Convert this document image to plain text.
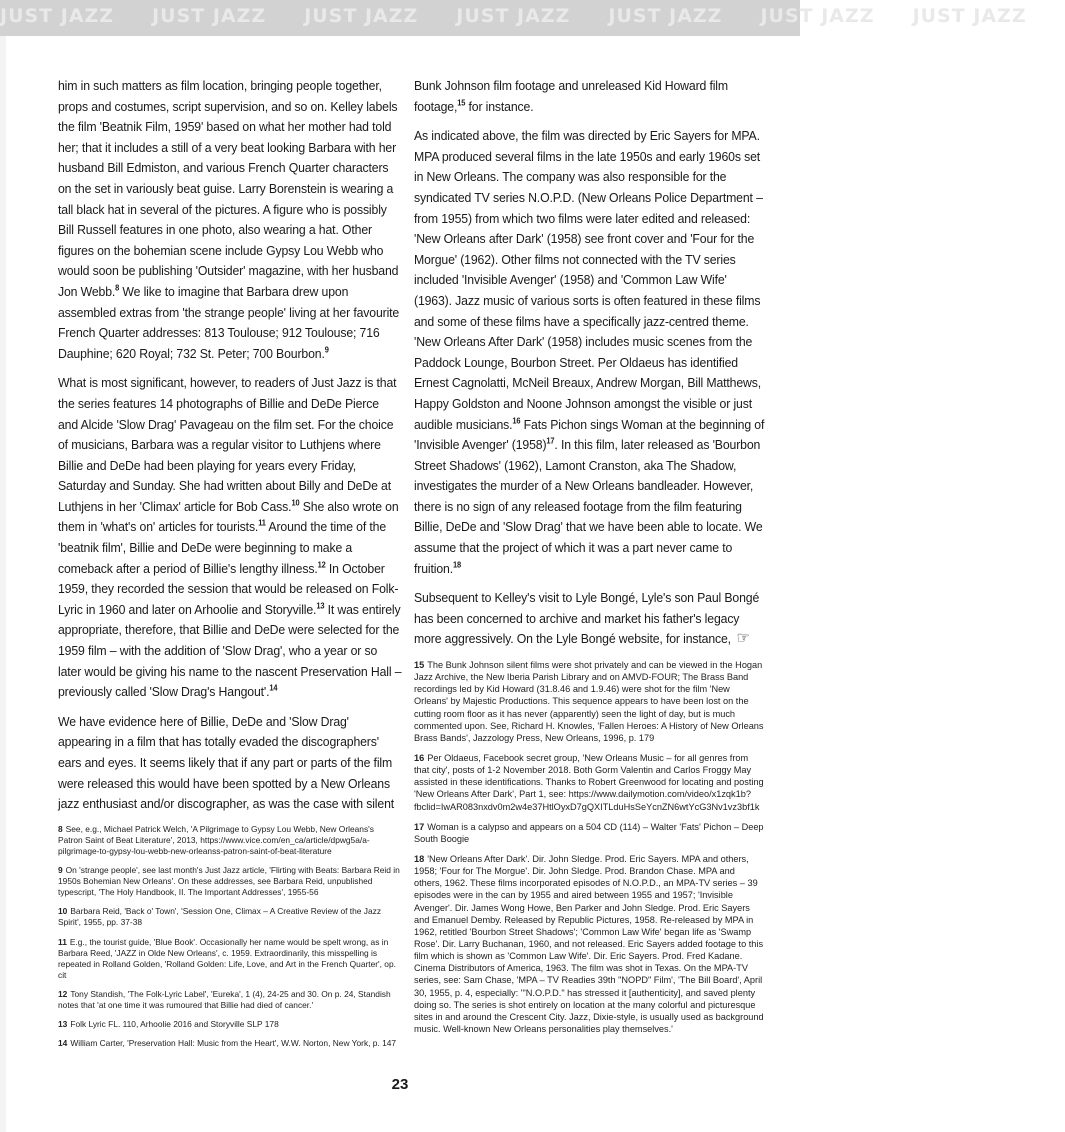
JUST JAZZ JUST JAZZ JUST JAZZ JUST JAZZ JUST JAZZ JUST JAZZ JUST JAZZ

him in such matters as film location, bringing people together, props and costumes, script supervision, and so on. Kelley labels the film 'Beatnik Film, 1959' based on what her mother had told her; that it includes a still of a very beat looking Barbara with her husband Bill Edmiston, and various French Quarter characters on the set in variously beat guise. Larry Borenstein is wearing a tall black hat in several of the pictures. A figure who is possibly Bill Russell features in one photo, also wearing a hat. Other figures on the bohemian scene include Gypsy Lou Webb who would soon be publishing 'Outsider' magazine, with her husband Jon Webb.$^8$ We like to imagine that Barbara drew upon assembled extras from 'the strange people' living at her favourite French Quarter addresses: 813 Toulouse; 912 Toulouse; 716 Dauphine; 620 Royal; 732 St. Peter; 700 Bourbon.$^9$

What is most significant, however, to readers of Just Jazz is that the series features 14 photographs of Billie and DeDe Pierce and Alcide 'Slow Drag' Pavageau on the film set. For the choice of musicians, Barbara was a regular visitor to Luthjens where Billie and DeDe had been playing for years every Friday, Saturday and Sunday. She had written about Billy and DeDe at Luthjens in her 'Climax' article for Bob Cass.$^{10}$ She also wrote on them in 'what's on' articles for tourists.$^{11}$ Around the time of the 'beatnik film', Billie and DeDe were beginning to make a comeback after a period of Billie's lengthy illness.$^{12}$ In October 1959, they recorded the session that would be released on Folk-Lyric in 1960 and later on Arhoolie and Storyville.$^{13}$ It was entirely appropriate, therefore, that Billie and DeDe were selected for the 1959 film – with the addition of 'Slow Drag', who a year or so later would be giving his name to the nascent Preservation Hall – previously called 'Slow Drag's Hangout'.$^{14}$

We have evidence here of Billie, DeDe and 'Slow Drag' appearing in a film that has totally evaded the discographers' ears and eyes. It seems likely that if any part or parts of the film were released this would have been spotted by a New Orleans jazz enthusiast and/or discographer, as was the case with silent

8 See, e.g., Michael Patrick Welch, 'A Pilgrimage to Gypsy Lou Webb, New Orleans's Patron Saint of Beat Literature', 2013, https://www.vice.com/en_ca/article/dpwg5a/a-pilgrimage-to-gypsy-lou-webb-new-orleanss-patron-saint-of-beat-literature
9 On 'strange people', see last month's Just Jazz article, 'Flirting with Beats: Barbara Reid in 1950s Bohemian New Orleans'. On these addresses, see Barbara Reid, unpublished typescript, 'The Holy Handbook, II. The Important Addresses', 1955-56
10 Barbara Reid, 'Back o' Town', 'Session One, Climax – A Creative Review of the Jazz Spirit', 1955, pp. 37-38
11 E.g., the tourist guide, 'Blue Book'. Occasionally her name would be spelt wrong, as in Barbara Reed, 'JAZZ in Olde New Orleans', c. 1959. Extraordinarily, this misspelling is repeated in Rolland Golden, 'Rolland Golden: Life, Love, and Art in the French Quarter', op. cit
12 Tony Standish, 'The Folk-Lyric Label', 'Eureka', 1 (4), 24-25 and 30. On p. 24, Standish notes that 'at one time it was rumoured that Billie had died of cancer.'
13 Folk Lyric FL. 110, Arhoolie 2016 and Storyville SLP 178
14 William Carter, 'Preservation Hall: Music from the Heart', W.W. Norton, New York, p. 147

Bunk Johnson film footage and unreleased Kid Howard film footage,$^{15}$ for instance.

As indicated above, the film was directed by Eric Sayers for MPA. MPA produced several films in the late 1950s and early 1960s set in New Orleans. The company was also responsible for the syndicated TV series N.O.P.D. (New Orleans Police Department – from 1955) from which two films were later edited and released: 'New Orleans after Dark' (1958) see front cover and 'Four for the Morgue' (1962). Other films not connected with the TV series included 'Invisible Avenger' (1958) and 'Common Law Wife' (1963). Jazz music of various sorts is often featured in these films and some of these films have a specifically jazz-centred theme. 'New Orleans After Dark' (1958) includes music scenes from the Paddock Lounge, Bourbon Street. Per Oldaeus has identified Ernest Cagnolatti, McNeil Breaux, Andrew Morgan, Bill Matthews, Happy Goldston and Noone Johnson amongst the visible or just audible musicians.$^{16}$ Fats Pichon sings Woman at the beginning of 'Invisible Avenger' $(1958)^{17}$. In this film, later released as 'Bourbon Street Shadows' (1962), Lamont Cranston, aka The Shadow, investigates the murder of a New Orleans bandleader. However, there is no sign of any released footage from the film featuring Billie, DeDe and 'Slow Drag' that we have been able to locate. We assume that the project of which it was a part never came to fruition.$^{18}$

Subsequent to Kelley's visit to Lyle Bongé, Lyle's son Paul Bongé has been concerned to archive and market his father's legacy more aggressively. On the Lyle Bongé website, for instance, ☞

15 The Bunk Johnson silent films were shot privately and can be viewed in the Hogan Jazz Archive, the New Iberia Parish Library and on AMVD-FOUR; The Brass Band recordings led by Kid Howard (31.8.46 and 1.9.46) were shot for the film 'New Orleans' by Majestic Productions. This sequence appears to have been lost on the cutting room floor as it has never (apparently) seen the light of day, but is much commented upon. See, Richard H. Knowles, 'Fallen Heroes: A History of New Orleans Brass Bands', Jazzology Press, New Orleans, 1996, p. 179
16 Per Oldaeus, Facebook secret group, 'New Orleans Music – for all genres from that city', posts of 1-2 November 2018. Both Gorm Valentin and Carlos Froggy May assisted in these identifications. Thanks to Robert Greenwood for locating and posting 'New Orleans After Dark', Part 1, see: https://www.dailymotion.com/video/x1zqk1b?fbclid=IwAR083nxdv0m2w4e37HtlOyxD7gQXITLduHsSeYcnZN6wtYcG3Nv1vz3bf1k
17 Woman is a calypso and appears on a 504 CD (114) – Walter 'Fats' Pichon – Deep South Boogie
18 'New Orleans After Dark'. Dir. John Sledge. Prod. Eric Sayers. MPA and others, 1958; 'Four for The Morgue'. Dir. John Sledge. Prod. Brandon Chase. MPA and others, 1962. These films incorporated episodes of N.O.P.D., an MPA-TV series – 39 episodes were in the can by 1955 and aired between 1955 and 1957; 'Invisible Avenger'. Dir. James Wong Howe, Ben Parker and John Sledge. Prod. Eric Sayers and Emanuel Demby. Released by Republic Pictures, 1958. Re-released by MPA in 1962, retitled 'Bourbon Street Shadows'; 'Common Law Wife' began life as 'Swamp Rose'. Dir. Larry Buchanan, 1960, and not released. Eric Sayers added footage to this film which is shown as 'Common Law Wife'. Dir. Eric Sayers. Prod. Fred Kadane. Cinema Distributors of America, 1963. The film was shot in Texas. On the MPA-TV series, see: Sam Chase, 'MPA – TV Readies 39th "NOPD" Film', 'The Bill Board', April 30, 1955, p. 4, especially: '"N.O.P.D." has stressed it [authenticity], and saved plenty doing so. The series is shot entirely on location at the many colorful and picturesque sites in and around the Crescent City. Jazz, Dixie-style, is usually used as background music. Well-known New Orleans personalities play themselves.'
23
